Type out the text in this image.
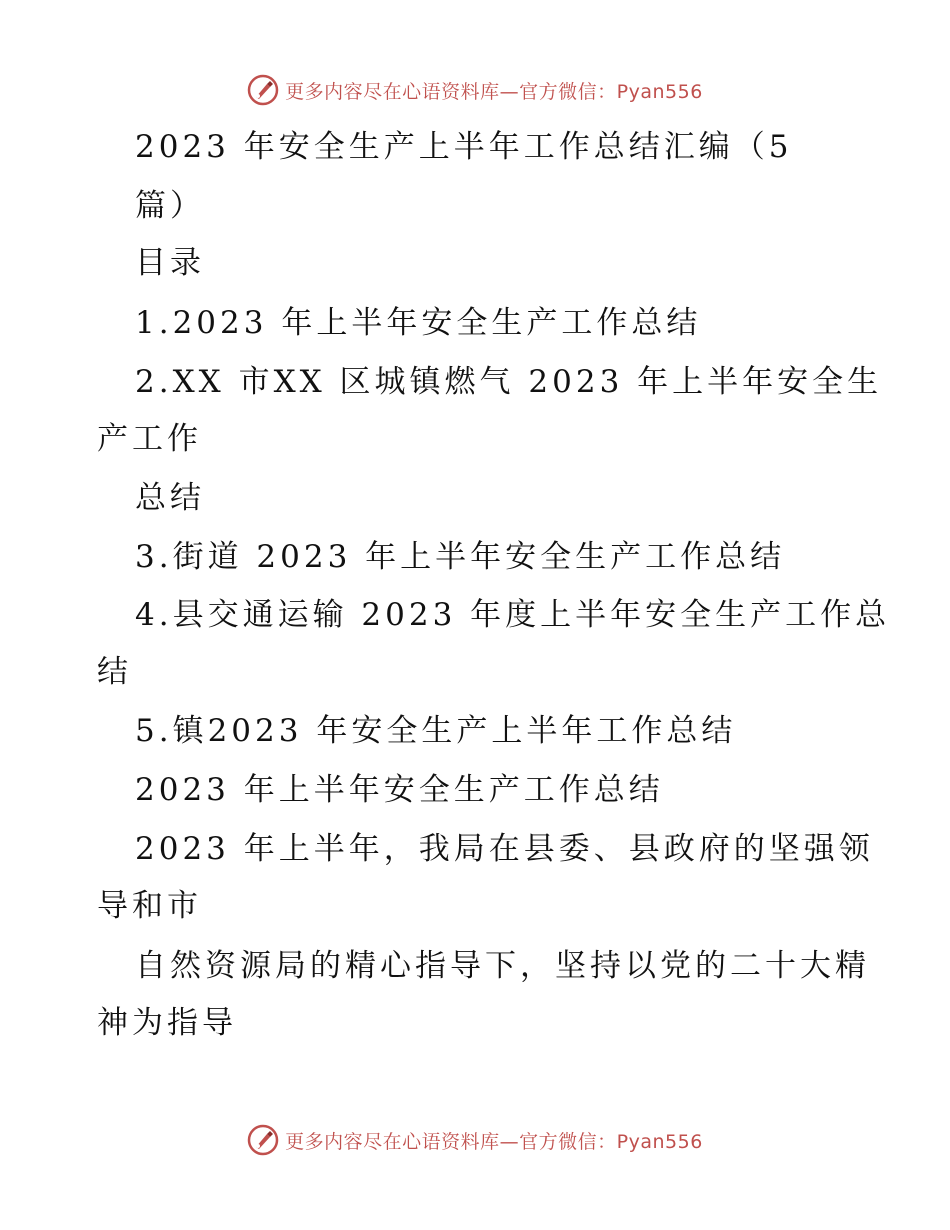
更多内容尽在心语资料库—官方微信：Pyan556
2023 年安全生产上半年工作总结汇编（5
篇）
目录
1.2023 年上半年安全生产工作总结
2.XX 市XX 区城镇燃气 2023 年上半年安全生
产工作
总结
3.街道 2023 年上半年安全生产工作总结
4.县交通运输 2023 年度上半年安全生产工作总
结
5.镇2023 年安全生产上半年工作总结
2023 年上半年安全生产工作总结
2023 年上半年，我局在县委、县政府的坚强领
导和市
自然资源局的精心指导下，坚持以党的二十大精
神为指导
更多内容尽在心语资料库—官方微信：Pyan556
